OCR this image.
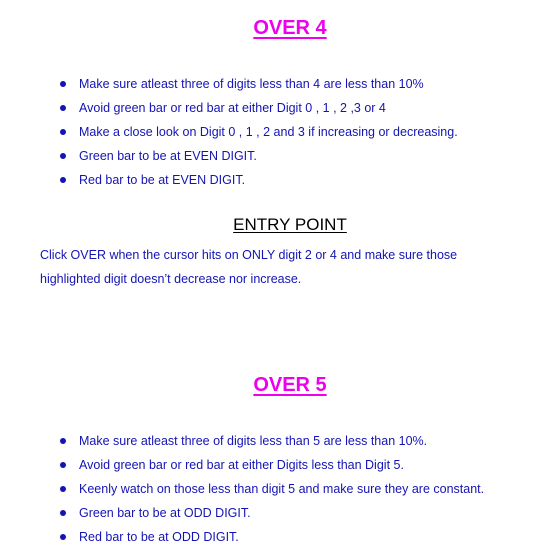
OVER 4
Make sure atleast three of digits less than 4 are less than 10%
Avoid green bar or red bar at either Digit 0 , 1 , 2 ,3 or 4
Make a close look on Digit 0 , 1 , 2 and 3 if increasing or decreasing.
Green bar to be at EVEN DIGIT.
Red bar to be at EVEN DIGIT.
ENTRY POINT
Click OVER when the cursor hits on ONLY digit 2 or 4 and make sure those
highlighted digit doesn’t decrease nor increase.
OVER 5
Make sure atleast three of digits less than 5 are less than 10%.
Avoid green bar or red bar at either Digits less than Digit 5.
Keenly watch on those less than digit 5 and make sure they are constant.
Green bar to be at ODD DIGIT.
Red bar to be at ODD DIGIT.
